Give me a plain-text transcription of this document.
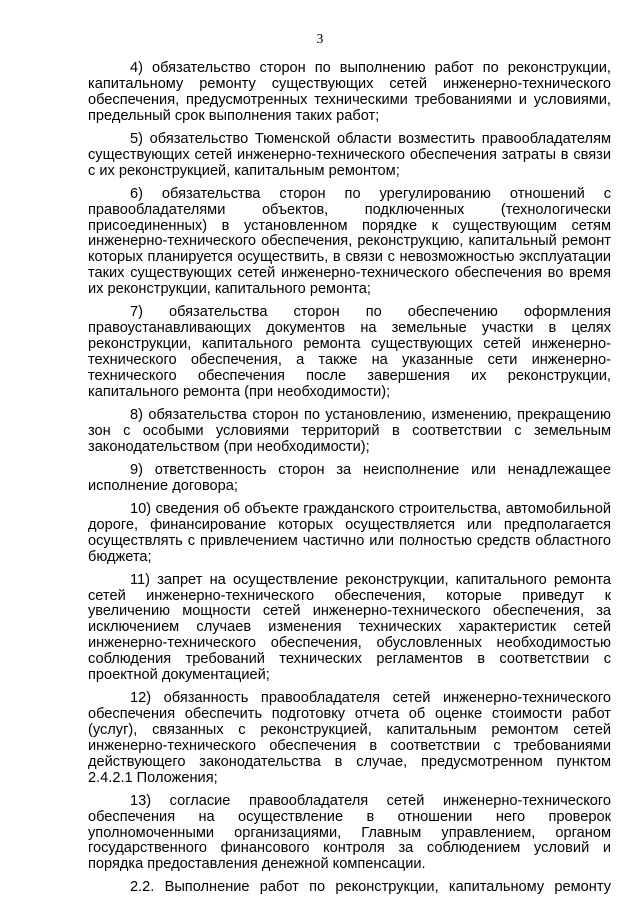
3

4) обязательство сторон по выполнению работ по реконструкции, капитальному ремонту существующих сетей инженерно-технического обеспечения, предусмотренных техническими требованиями и условиями, предельный срок выполнения таких работ;

5) обязательство Тюменской области возместить правообладателям существующих сетей инженерно-технического обеспечения затраты в связи с их реконструкцией, капитальным ремонтом;

6) обязательства сторон по урегулированию отношений с правообладателями объектов, подключенных (технологически присоединенных) в установленном порядке к существующим сетям инженерно-технического обеспечения, реконструкцию, капитальный ремонт которых планируется осуществить, в связи с невозможностью эксплуатации таких существующих сетей инженерно-технического обеспечения во время их реконструкции, капитального ремонта;

7) обязательства сторон по обеспечению оформления правоустанавливающих документов на земельные участки в целях реконструкции, капитального ремонта существующих сетей инженерно-технического обеспечения, а также на указанные сети инженерно-технического обеспечения после завершения их реконструкции, капитального ремонта (при необходимости);

8) обязательства сторон по установлению, изменению, прекращению зон с особыми условиями территорий в соответствии с земельным законодательством (при необходимости);

9) ответственность сторон за неисполнение или ненадлежащее исполнение договора;

10) сведения об объекте гражданского строительства, автомобильной дороге, финансирование которых осуществляется или предполагается осуществлять с привлечением частично или полностью средств областного бюджета;

11) запрет на осуществление реконструкции, капитального ремонта сетей инженерно-технического обеспечения, которые приведут к увеличению мощности сетей инженерно-технического обеспечения, за исключением случаев изменения технических характеристик сетей инженерно-технического обеспечения, обусловленных необходимостью соблюдения требований технических регламентов в соответствии с проектной документацией;

12) обязанность правообладателя сетей инженерно-технического обеспечения обеспечить подготовку отчета об оценке стоимости работ (услуг), связанных с реконструкцией, капитальным ремонтом сетей инженерно-технического обеспечения в соответствии с требованиями действующего законодательства в случае, предусмотренном пунктом 2.4.2.1 Положения;

13) согласие правообладателя сетей инженерно-технического обеспечения на осуществление в отношении него проверок уполномоченными организациями, Главным управлением, органом государственного финансового контроля за соблюдением условий и порядка предоставления денежной компенсации.

2.2. Выполнение работ по реконструкции, капитальному ремонту
